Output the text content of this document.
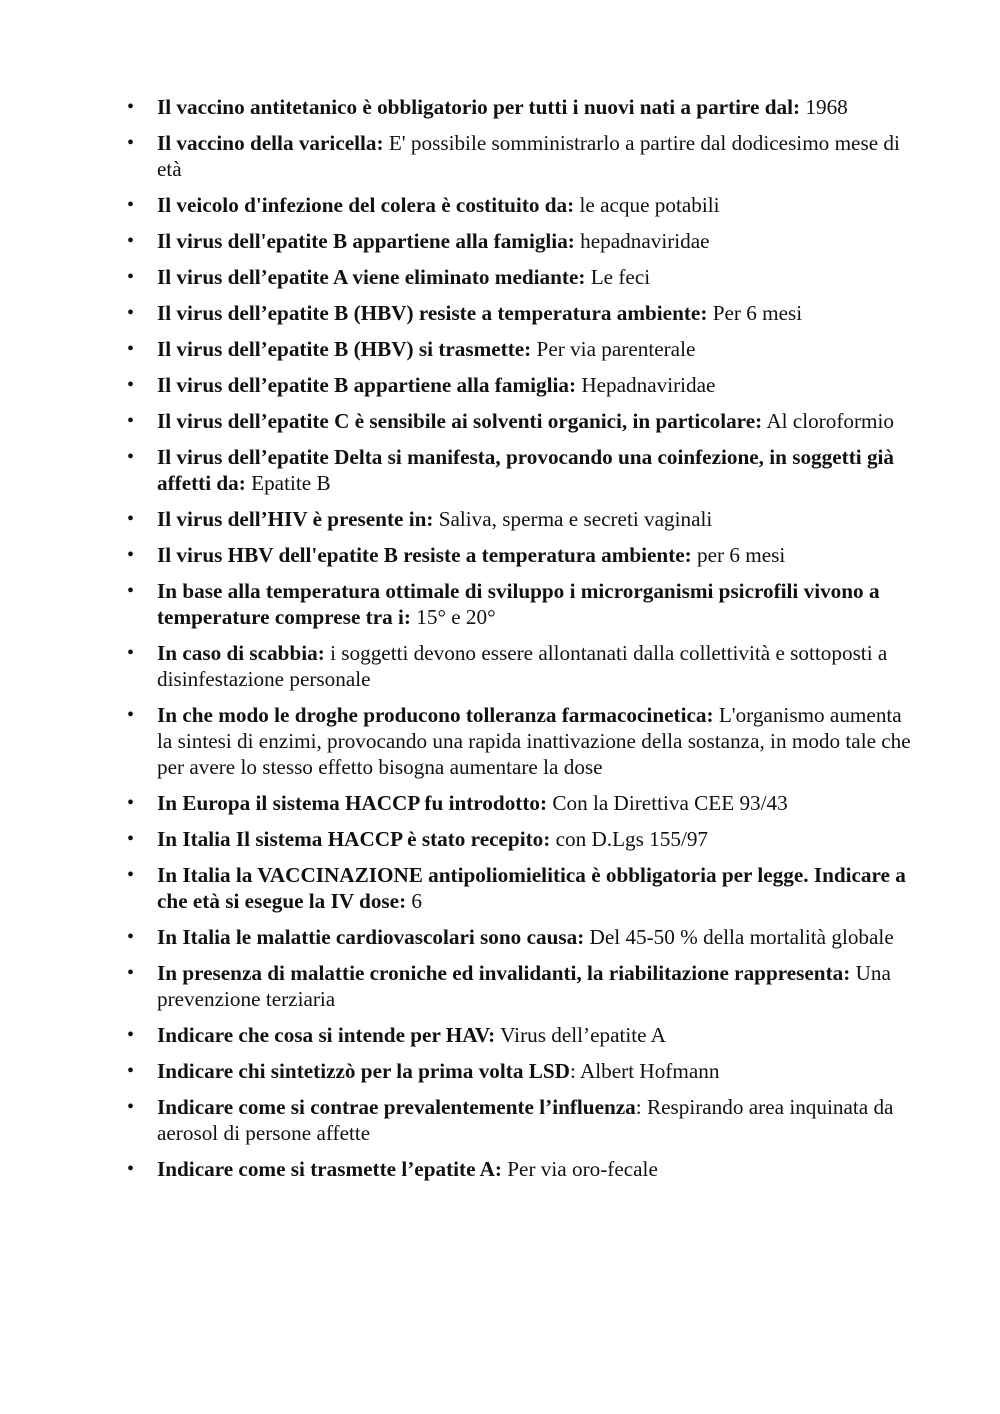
• Il vaccino antitetanico è obbligatorio per tutti i nuovi nati a partire dal: 1968
• Il vaccino della varicella: E' possibile somministrarlo a partire dal dodicesimo mese di età
• Il veicolo d'infezione del colera è costituito da: le acque potabili
• Il virus dell'epatite B appartiene alla famiglia: hepadnaviridae
• Il virus dell’epatite A viene eliminato mediante: Le feci
• Il virus dell’epatite B (HBV) resiste a temperatura ambiente: Per 6 mesi
• Il virus dell’epatite B (HBV) si trasmette: Per via parenterale
• Il virus dell’epatite B appartiene alla famiglia: Hepadnaviridae
• Il virus dell’epatite C è sensibile ai solventi organici, in particolare: Al cloroformio
• Il virus dell’epatite Delta si manifesta, provocando una coinfezione, in soggetti già affetti da: Epatite B
• Il virus dell’HIV è presente in: Saliva, sperma e secreti vaginali
• Il virus HBV dell'epatite B resiste a temperatura ambiente: per 6 mesi
• In base alla temperatura ottimale di sviluppo i microrganismi psicrofili vivono a temperature comprese tra i: 15° e 20°
• In caso di scabbia: i soggetti devono essere allontanati dalla collettività e sottoposti a disinfestazione personale
• In che modo le droghe producono tolleranza farmacocinetica: L'organismo aumenta la sintesi di enzimi, provocando una rapida inattivazione della sostanza, in modo tale che per avere lo stesso effetto bisogna aumentare la dose
• In Europa il sistema HACCP fu introdotto: Con la Direttiva CEE 93/43
• In Italia Il sistema HACCP è stato recepito: con D.Lgs 155/97
• In Italia la VACCINAZIONE antipoliomielitica è obbligatoria per legge. Indicare a che età si esegue la IV dose: 6
• In Italia le malattie cardiovascolari sono causa: Del 45-50 % della mortalità globale
• In presenza di malattie croniche ed invalidanti, la riabilitazione rappresenta: Una prevenzione terziaria
• Indicare che cosa si intende per HAV: Virus dell’epatite A
• Indicare chi sintetizzò per la prima volta LSD: Albert Hofmann
• Indicare come si contrae prevalentemente l’influenza: Respirando area inquinata da aerosol di persone affette
• Indicare come si trasmette l’epatite A: Per via oro-fecale
